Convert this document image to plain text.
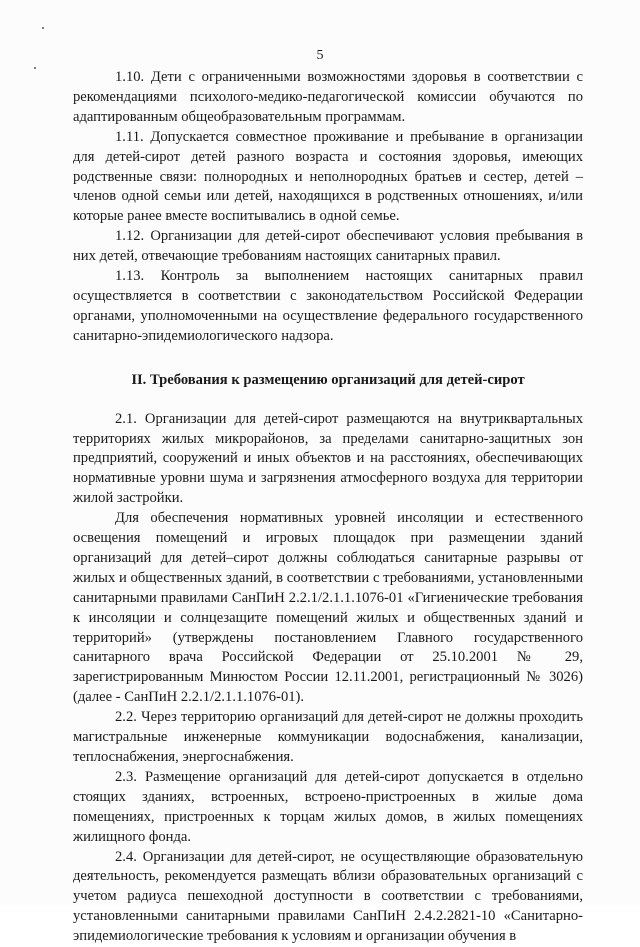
5

1.10. Дети с ограниченными возможностями здоровья в соответствии с рекомендациями психолого-медико-педагогической комиссии обучаются по адаптированным общеобразовательным программам.

1.11. Допускается совместное проживание и пребывание в организации для детей-сирот детей разного возраста и состояния здоровья, имеющих родственные связи: полнородных и неполнородных братьев и сестер, детей – членов одной семьи или детей, находящихся в родственных отношениях, и/или которые ранее вместе воспитывались в одной семье.

1.12. Организации для детей-сирот обеспечивают условия пребывания в них детей, отвечающие требованиям настоящих санитарных правил.

1.13. Контроль за выполнением настоящих санитарных правил осуществляется в соответствии с законодательством Российской Федерации органами, уполномоченными на осуществление федерального государственного санитарно-эпидемиологического надзора.

II. Требования к размещению организаций для детей-сирот

2.1. Организации для детей-сирот размещаются на внутриквартальных территориях жилых микрорайонов, за пределами санитарно-защитных зон предприятий, сооружений и иных объектов и на расстояниях, обеспечивающих нормативные уровни шума и загрязнения атмосферного воздуха для территории жилой застройки.

Для обеспечения нормативных уровней инсоляции и естественного освещения помещений и игровых площадок при размещении зданий организаций для детей–сирот должны соблюдаться санитарные разрывы от жилых и общественных зданий, в соответствии с требованиями, установленными санитарными правилами СанПиН 2.2.1/2.1.1.1076-01 «Гигиенические требования к инсоляции и солнцезащите помещений жилых и общественных зданий и территорий» (утверждены постановлением Главного государственного санитарного врача Российской Федерации от 25.10.2001 № 29, зарегистрированным Минюстом России 12.11.2001, регистрационный № 3026) (далее - СанПиН 2.2.1/2.1.1.1076-01).

2.2. Через территорию организаций для детей-сирот не должны проходить магистральные инженерные коммуникации водоснабжения, канализации, теплоснабжения, энергоснабжения.

2.3. Размещение организаций для детей-сирот допускается в отдельно стоящих зданиях, встроенных, встроено-пристроенных в жилые дома помещениях, пристроенных к торцам жилых домов, в жилых помещениях жилищного фонда.

2.4. Организации для детей-сирот, не осуществляющие образовательную деятельность, рекомендуется размещать вблизи образовательных организаций с учетом радиуса пешеходной доступности в соответствии с требованиями, установленными санитарными правилами СанПиН 2.4.2.2821-10 «Санитарно-эпидемиологические требования к условиям и организации обучения в
